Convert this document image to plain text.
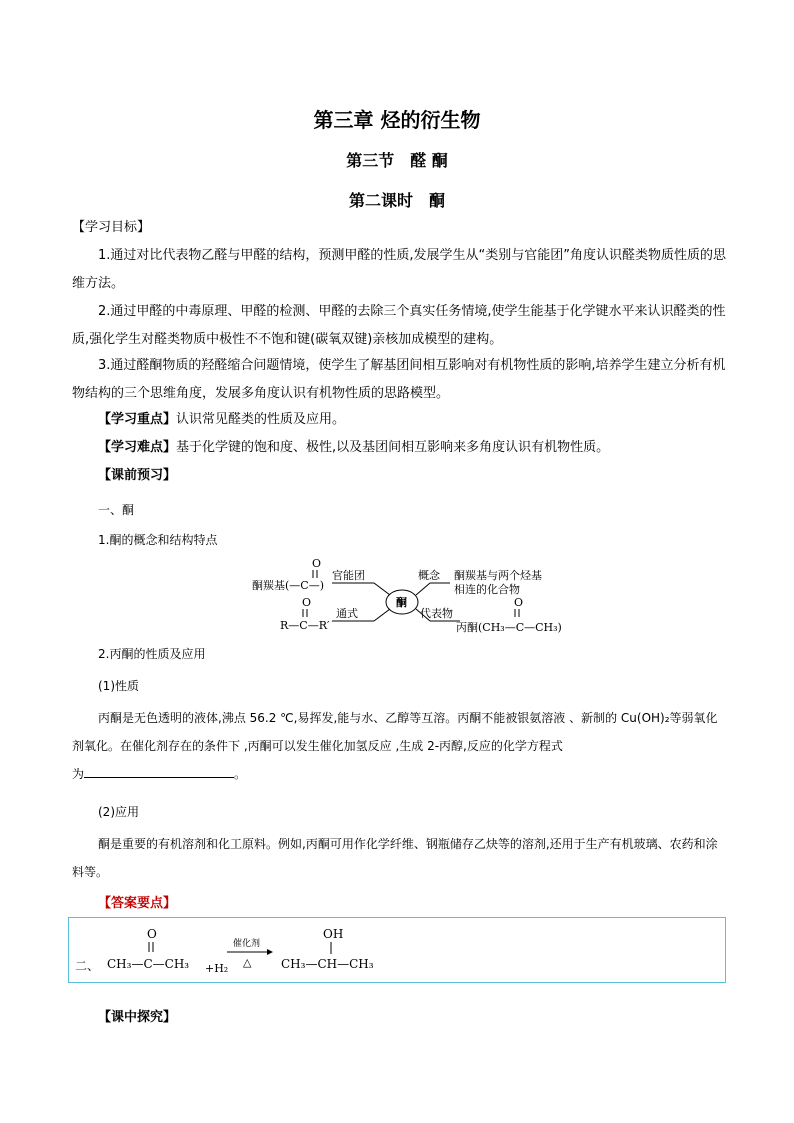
第三章 烃的衍生物
第三节　醛 酮
第二课时　酮
【学习目标】
1.通过对比代表物乙醛与甲醛的结构，预测甲醛的性质,发展学生从“类别与官能团”角度认识醛类物质性质的思维方法。
2.通过甲醛的中毒原理、甲醛的检测、甲醛的去除三个真实任务情境,使学生能基于化学键水平来认识醛类的性质,强化学生对醛类物质中极性不不饱和键(碳氧双键)亲核加成模型的建构。
3.通过醛酮物质的羟醛缩合问题情境，使学生了解基团间相互影响对有机物性质的影响,培养学生建立分析有机物结构的三个思维角度，发展多角度认识有机物性质的思路模型。
【学习重点】认识常见醛类的性质及应用。
【学习难点】基于化学键的饱和度、极性,以及基团间相互影响来多角度认识有机物性质。
【课前预习】
一、酮
1.酮的概念和结构特点
O
酮羰基(—C—)
官能团
O
R—C—R′
通式
酮
概念 酮羰基与两个烃基
相连的化合物
代表物
O
丙酮(CH₃—C—CH₃)
2.丙酮的性质及应用
(1)性质
丙酮是无色透明的液体,沸点 56.2 ℃,易挥发,能与水、乙醇等互溶。丙酮不能被银氨溶液 、新制的 Cu(OH)₂等弱氧化剂氧化。在催化剂存在的条件下 ,丙酮可以发生催化加氢反应 ,生成 2-丙醇,反应的化学方程式
为	。
(2)应用
酮是重要的有机溶剂和化工原料。例如,丙酮可用作化学纤维、钢瓶储存乙炔等的溶剂,还用于生产有机玻璃、农药和涂料等。
【答案要点】
二、
O
CH₃—C—CH₃ +H₂
催化剂
△
OH
CH₃—CH—CH₃
【课中探究】
